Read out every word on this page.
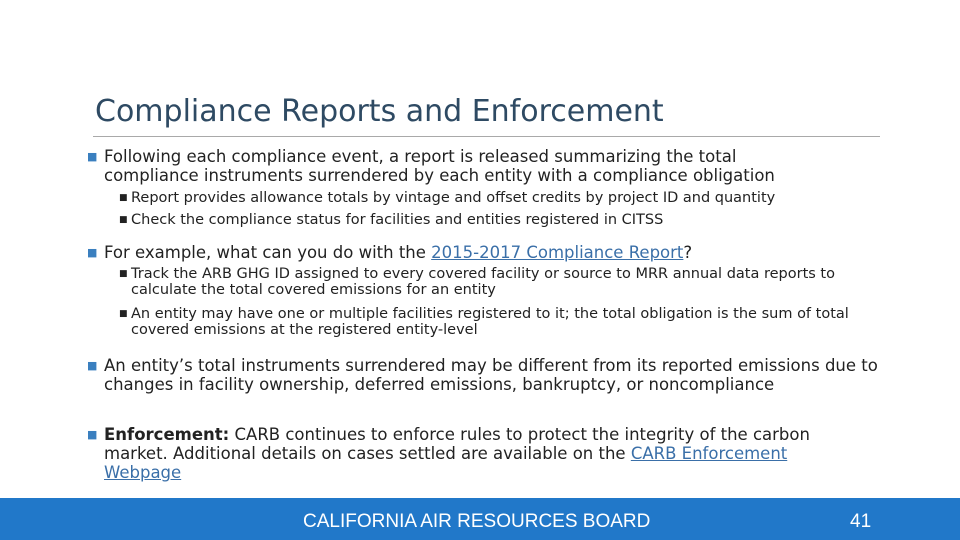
Compliance Reports and Enforcement
■ Following each compliance event, a report is released summarizing the total compliance instruments surrendered by each entity with a compliance obligation
■ Report provides allowance totals by vintage and offset credits by project ID and quantity
■ Check the compliance status for facilities and entities registered in CITSS
■ For example, what can you do with the 2015-2017 Compliance Report?
■ Track the ARB GHG ID assigned to every covered facility or source to MRR annual data reports to calculate the total covered emissions for an entity
■ An entity may have one or multiple facilities registered to it; the total obligation is the sum of total covered emissions at the registered entity-level
■ An entity’s total instruments surrendered may be different from its reported emissions due to changes in facility ownership, deferred emissions, bankruptcy, or noncompliance
■ Enforcement: CARB continues to enforce rules to protect the integrity of the carbon market. Additional details on cases settled are available on the CARB Enforcement Webpage
CALIFORNIA AIR RESOURCES BOARD	41
